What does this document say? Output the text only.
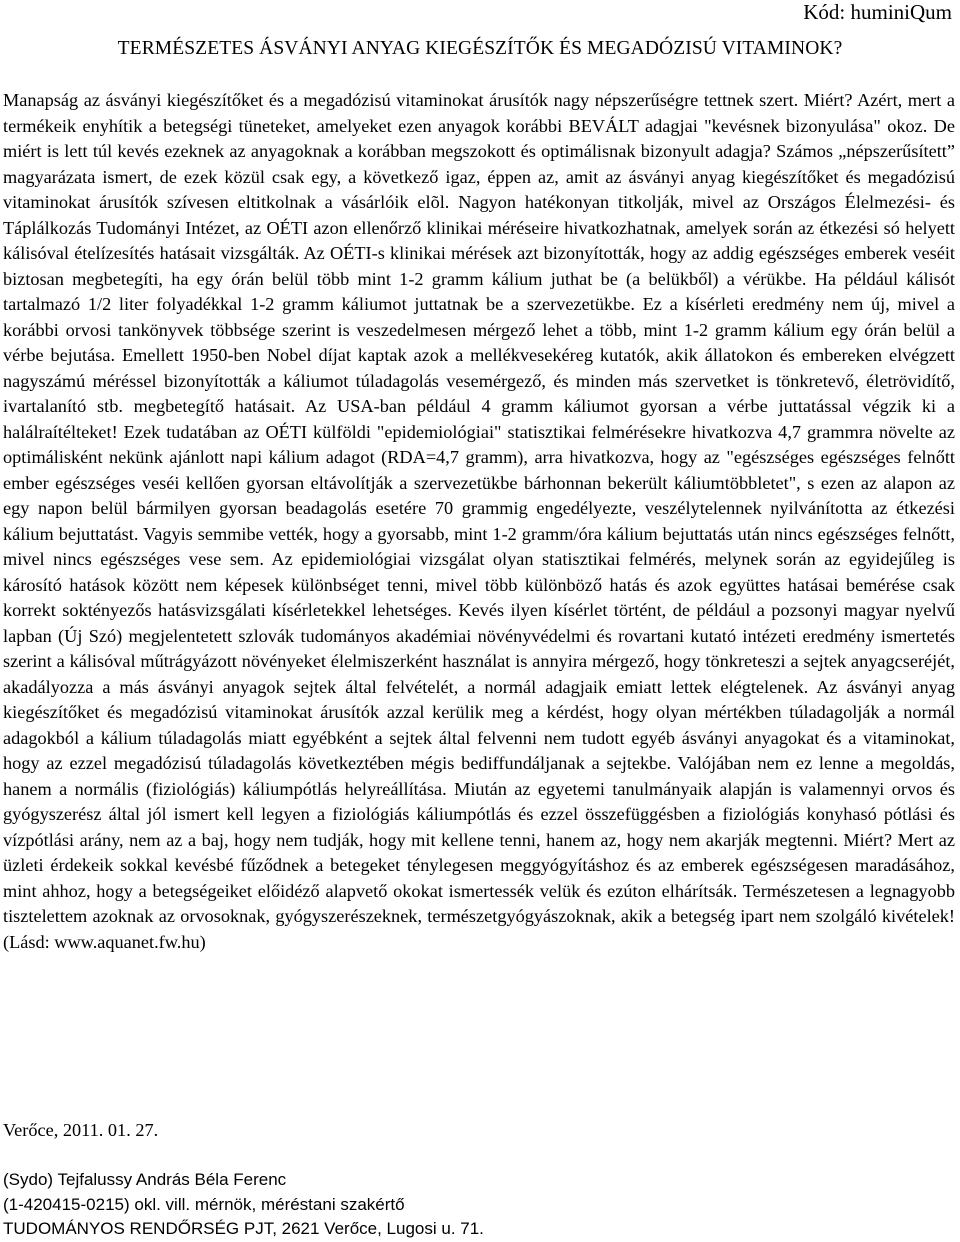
Kód: huminiQum
TERMÉSZETES ÁSVÁNYI ANYAG KIEGÉSZÍTŐK ÉS MEGADÓZISÚ VITAMINOK?

Manapság az ásványi kiegészítőket és a megadózisú vitaminokat árusítók nagy népszerűségre tettnek szert. Miért? Azért, mert a termékeik enyhítik a betegségi tüneteket, amelyeket ezen anyagok korábbi BEVÁLT adagjai "kevésnek bizonyulása" okoz. De miért is lett túl kevés ezeknek az anyagoknak a korábban megszokott és optimálisnak bizonyult adagja? Számos „népszerűsített” magyarázata ismert, de ezek közül csak egy, a következő igaz, éppen az, amit az ásványi anyag kiegészítőket és megadózisú vitaminokat árusítók szívesen eltitkolnak a vásárlóik elõl. Nagyon hatékonyan titkolják, mivel az Országos Élelmezési- és Táplálkozás Tudományi Intézet, az OÉTI azon ellenőrző klinikai méréseire hivatkozhatnak, amelyek során az étkezési só helyett kálisóval ételízesítés hatásait vizsgálták. Az OÉTI-s klinikai mérések azt bizonyították, hogy az addig egészséges emberek veséit biztosan megbetegíti, ha egy órán belül több mint 1-2 gramm kálium juthat be (a belükből) a vérükbe. Ha például kálisót tartalmazó 1/2 liter folyadékkal 1-2 gramm káliumot juttatnak be a szervezetükbe. Ez a kísérleti eredmény nem új, mivel a korábbi orvosi tankönyvek többsége szerint is veszedelmesen mérgező lehet a több, mint 1-2 gramm kálium egy órán belül a vérbe bejutása. Emellett 1950-ben Nobel díjat kaptak azok a mellékvesekéreg kutatók, akik állatokon és embereken elvégzett nagyszámú méréssel bizonyították a káliumot túladagolás vesemérgező, és minden más szervetket is tönkretevő, életrövidítő, ivartalanító stb. megbetegítő hatásait. Az USA-ban például 4 gramm káliumot gyorsan a vérbe juttatással végzik ki a halálraítélteket! Ezek tudatában az OÉTI külföldi "epidemiológiai" statisztikai felmérésekre hivatkozva 4,7 grammra növelte az optimálisként nekünk ajánlott napi kálium adagot (RDA=4,7 gramm), arra hivatkozva, hogy az "egészséges egészséges felnőtt ember egészséges veséi kellően gyorsan eltávolítják a szervezetükbe bárhonnan bekerült káliumtöbbletet", s ezen az alapon az egy napon belül bármilyen gyorsan beadagolás esetére 70 grammig engedélyezte, veszélytelennek nyilvánította az étkezési kálium bejuttatást. Vagyis semmibe vették, hogy a gyorsabb, mint 1-2 gramm/óra kálium bejuttatás után nincs egészséges felnőtt, mivel nincs egészséges vese sem. Az epidemiológiai vizsgálat olyan statisztikai felmérés, melynek során az egyidejűleg is károsító hatások között nem képesek különbséget tenni, mivel több különböző hatás és azok együttes hatásai bemérése csak korrekt soktényezős hatásvizsgálati kísérletekkel lehetséges. Kevés ilyen kísérlet történt, de például a pozsonyi magyar nyelvű lapban (Új Szó) megjelentetett szlovák tudományos akadémiai növényvédelmi és rovartani kutató intézeti eredmény ismertetés szerint a kálisóval műtrágyázott növényeket élelmiszerként használat is annyira mérgező, hogy tönkreteszi a sejtek anyagcseréjét, akadályozza a más ásványi anyagok sejtek által felvételét, a normál adagjaik emiatt lettek elégtelenek. Az ásványi anyag kiegészítőket és megadózisú vitaminokat árusítók azzal kerülik meg a kérdést, hogy olyan mértékben túladagolják a normál adagokból a kálium túladagolás miatt egyébként a sejtek által felvenni nem tudott egyéb ásványi anyagokat és a vitaminokat, hogy az ezzel megadózisú túladagolás következtében mégis bediffundáljanak a sejtekbe. Valójában nem ez lenne a megoldás, hanem a normális (fiziológiás) káliumpótlás helyreállítása. Miután az egyetemi tanulmányaik alapján is valamennyi orvos és gyógyszerész által jól ismert kell legyen a fiziológiás káliumpótlás és ezzel összefüggésben a fiziológiás konyhasó pótlási és vízpótlási arány, nem az a baj, hogy nem tudják, hogy mit kellene tenni, hanem az, hogy nem akarják megtenni. Miért? Mert az üzleti érdekeik sokkal kevésbé fűződnek a betegeket ténylegesen meggyógyításhoz és az emberek egészségesen maradásához, mint ahhoz, hogy a betegségeiket előidéző alapvető okokat ismertessék velük és ezúton elhárítsák. Természetesen a legnagyobb tisztelettem azoknak az orvosoknak, gyógyszerészeknek, természetgyógyászoknak, akik a betegség ipart nem szolgáló kivételek! (Lásd: www.aquanet.fw.hu)

Verőce, 2011. 01. 27.
(Sydo) Tejfalussy András Béla Ferenc
(1-420415-0215) okl. vill. mérnök, méréstani szakértő
TUDOMÁNYOS RENDŐRSÉG PJT, 2621 Verőce, Lugosi u. 71.
